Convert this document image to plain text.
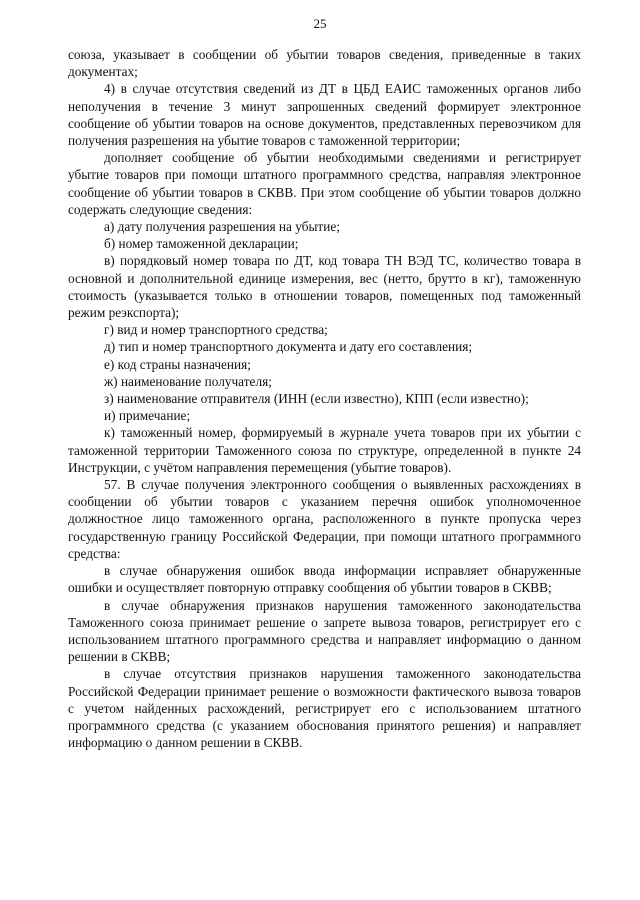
25

союза, указывает в сообщении об убытии товаров сведения, приведенные в таких документах;

4) в случае отсутствия сведений из ДТ в ЦБД ЕАИС таможенных органов либо неполучения в течение 3 минут запрошенных сведений формирует электронное сообщение об убытии товаров на основе документов, представленных перевозчиком для получения разрешения на убытие товаров с таможенной территории;

дополняет сообщение об убытии необходимыми сведениями и регистрирует убытие товаров при помощи штатного программного средства, направляя электронное сообщение об убытии товаров в СКВВ. При этом сообщение об убытии товаров должно содержать следующие сведения:

а) дату получения разрешения на убытие;

б) номер таможенной декларации;

в) порядковый номер товара по ДТ, код товара ТН ВЭД ТС, количество товара в основной и дополнительной единице измерения, вес (нетто, брутто в кг), таможенную стоимость (указывается только в отношении товаров, помещенных под таможенный режим реэкспорта);

г) вид и номер транспортного средства;

д) тип и номер транспортного документа и дату его составления;

е) код страны назначения;

ж) наименование получателя;

з) наименование отправителя (ИНН (если известно), КПП (если известно);

и) примечание;

к) таможенный номер, формируемый в журнале учета товаров при их убытии с таможенной территории Таможенного союза по структуре, определенной в пункте 24 Инструкции, с учётом направления перемещения (убытие товаров).

57. В случае получения электронного сообщения о выявленных расхождениях в сообщении об убытии товаров с указанием перечня ошибок уполномоченное должностное лицо таможенного органа, расположенного в пункте пропуска через государственную границу Российской Федерации, при помощи штатного программного средства:

в случае обнаружения ошибок ввода информации исправляет обнаруженные ошибки и осуществляет повторную отправку сообщения об убытии товаров в СКВВ;

в случае обнаружения признаков нарушения таможенного законодательства Таможенного союза принимает решение о запрете вывоза товаров, регистрирует его с использованием штатного программного средства и направляет информацию о данном решении в СКВВ;

в случае отсутствия признаков нарушения таможенного законодательства Российской Федерации принимает решение о возможности фактического вывоза товаров с учетом найденных расхождений, регистрирует его с использованием штатного программного средства (с указанием обоснования принятого решения) и направляет информацию о данном решении в СКВВ.
